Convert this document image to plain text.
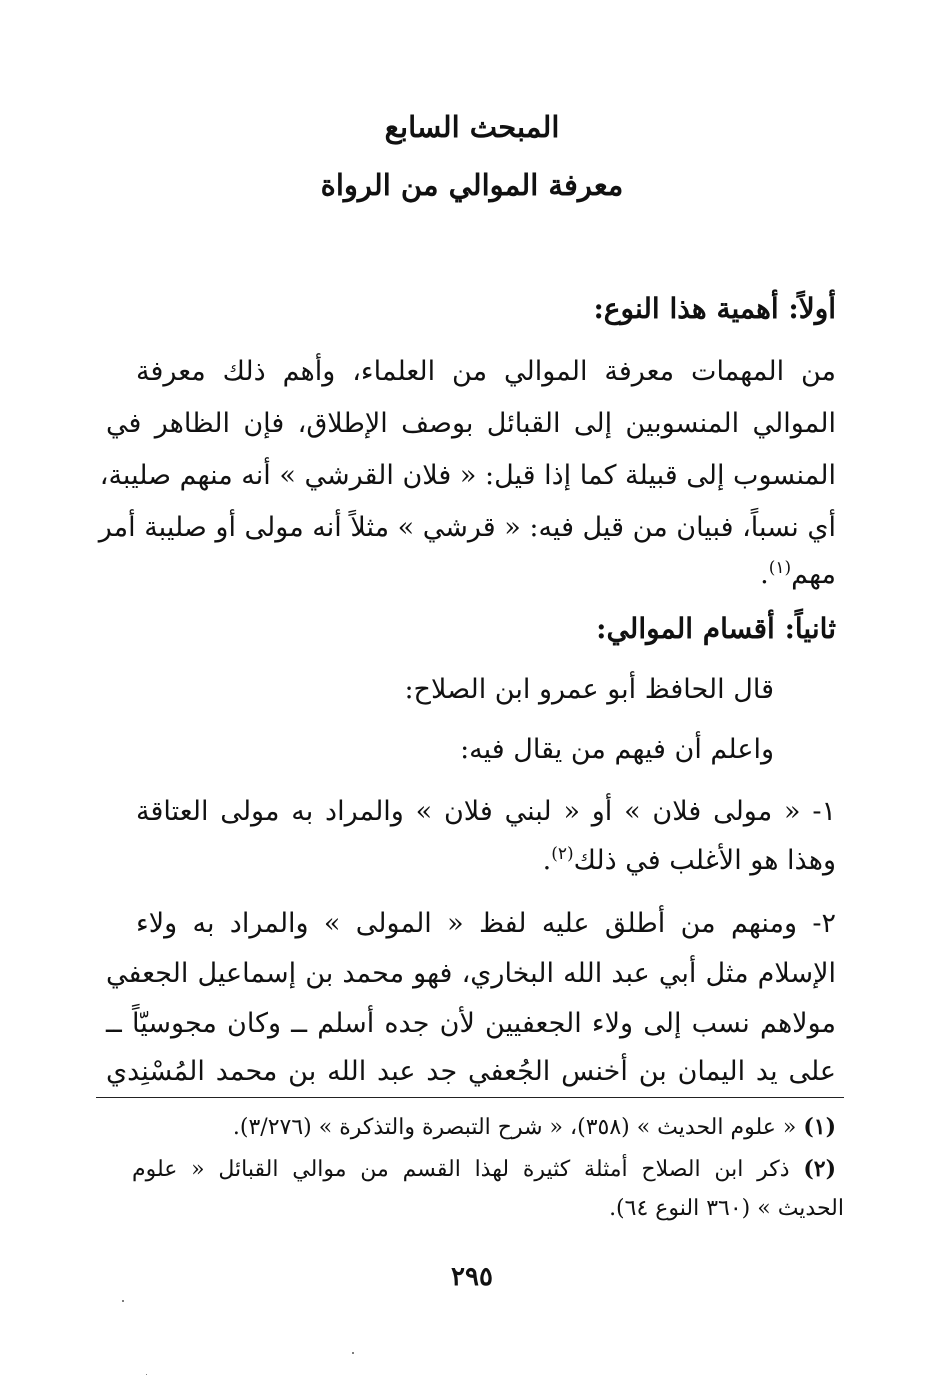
المبحث السابع
معرفة الموالي من الرواة
أولاً: أهمية هذا النوع:
من المهمات معرفة الموالي من العلماء، وأهم ذلك معرفة
الموالي المنسوبين إلى القبائل بوصف الإطلاق، فإن الظاهر في
المنسوب إلى قبيلة كما إذا قيل: « فلان القرشي » أنه منهم صليبة،
أي نسباً، فبيان من قيل فيه: « قرشي » مثلاً أنه مولى أو صليبة أمر
مهم$^{(١)}$.
ثانياً: أقسام الموالي:
قال الحافظ أبو عمرو ابن الصلاح:
واعلم أن فيهم من يقال فيه:
١- « مولى فلان » أو « لبني فلان » والمراد به مولى العتاقة
وهذا هو الأغلب في ذلك$^{(٢)}$.
٢- ومنهم من أطلق عليه لفظ « المولى » والمراد به ولاء
الإسلام مثل أبي عبد الله البخاري، فهو محمد بن إسماعيل الجعفي
مولاهم نسب إلى ولاء الجعفيين لأن جده أسلم ــ وكان مجوسيّاً ــ
على يد اليمان بن أخنس الجُعفي جد عبد الله بن محمد المُسْنِدي
(١) « علوم الحديث » (٣٥٨)، « شرح التبصرة والتذكرة » (٣/٢٧٦).
(٢) ذكر ابن الصلاح أمثلة كثيرة لهذا القسم من موالي القبائل « علوم
الحديث » (٣٦٠ النوع ٦٤).
٢٩٥
